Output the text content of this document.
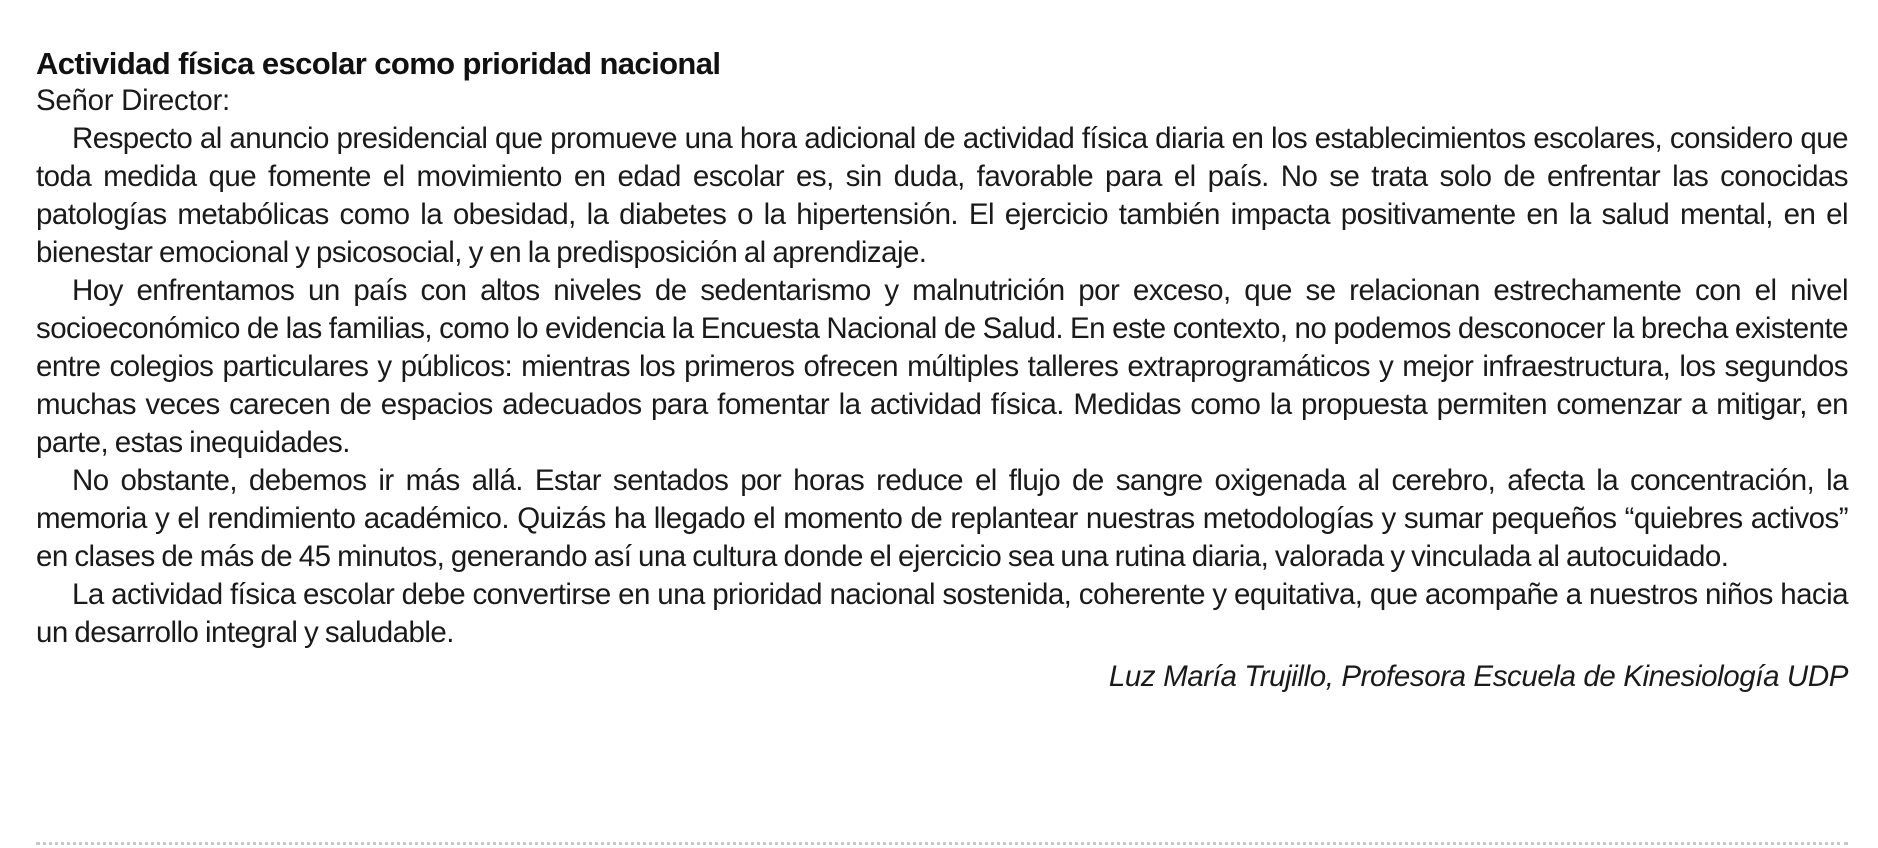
Actividad física escolar como prioridad nacional

Señor Director:

Respecto al anuncio presidencial que promueve una hora adicional de actividad física diaria en los establecimientos escolares, considero que toda medida que fomente el movimiento en edad escolar es, sin duda, favorable para el país. No se trata solo de enfrentar las conocidas patologías metabólicas como la obesidad, la diabetes o la hipertensión. El ejercicio también impacta positivamente en la salud mental, en el bienestar emocional y psicosocial, y en la predisposición al aprendizaje.

Hoy enfrentamos un país con altos niveles de sedentarismo y malnutrición por exceso, que se relacionan estrechamente con el nivel socioeconómico de las familias, como lo evidencia la Encuesta Nacional de Salud. En este contexto, no podemos desconocer la brecha existente entre colegios particulares y públicos: mientras los primeros ofrecen múltiples talleres extraprogramáticos y mejor infraestructura, los segundos muchas veces carecen de espacios adecuados para fomentar la actividad física. Medidas como la propuesta permiten comenzar a mitigar, en parte, estas inequidades.

No obstante, debemos ir más allá. Estar sentados por horas reduce el flujo de sangre oxigenada al cerebro, afecta la concentración, la memoria y el rendimiento académico. Quizás ha llegado el momento de replantear nuestras metodologías y sumar pequeños “quiebres activos” en clases de más de 45 minutos, generando así una cultura donde el ejercicio sea una rutina diaria, valorada y vinculada al autocuidado.

La actividad física escolar debe convertirse en una prioridad nacional sostenida, coherente y equitativa, que acompañe a nuestros niños hacia un desarrollo integral y saludable.

Luz María Trujillo, Profesora Escuela de Kinesiología UDP
